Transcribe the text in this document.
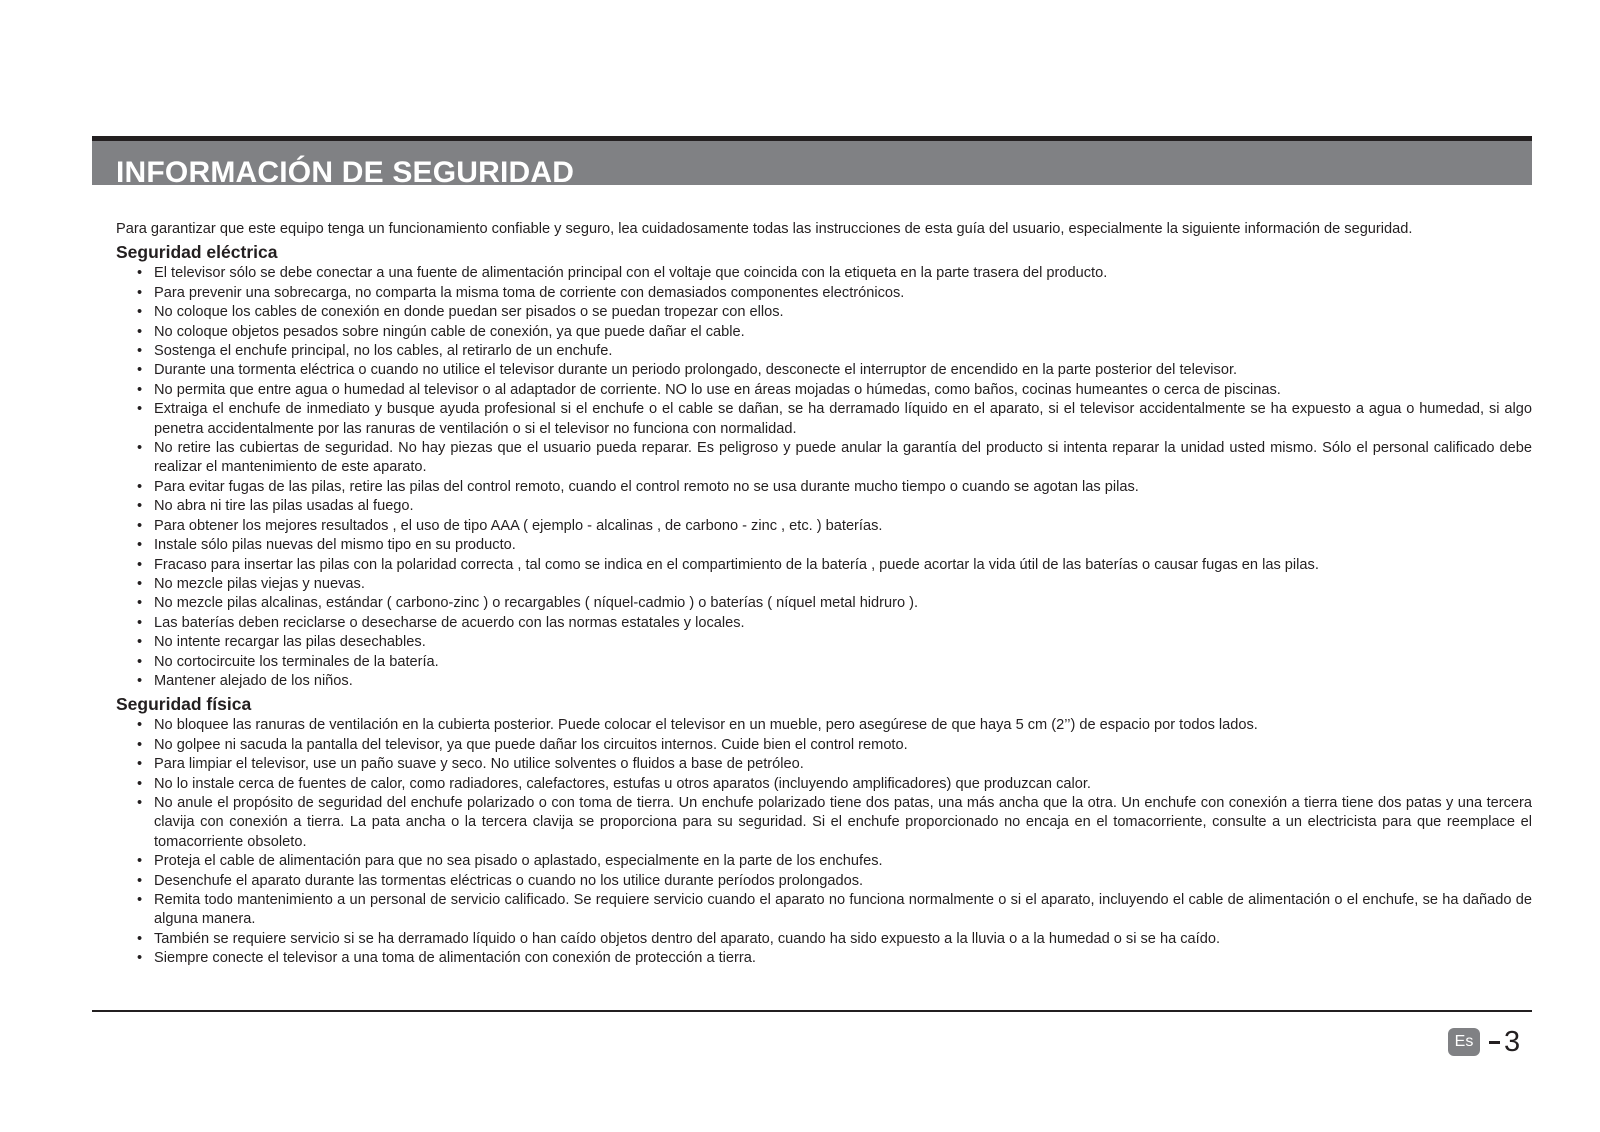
INFORMACIÓN DE SEGURIDAD

Para garantizar que este equipo tenga un funcionamiento confiable y seguro, lea cuidadosamente todas las instrucciones de esta guía del usuario, especialmente la siguiente información de seguridad.

Seguridad eléctrica
• El televisor sólo se debe conectar a una fuente de alimentación principal con el voltaje que coincida con la etiqueta en la parte trasera del producto.
• Para prevenir una sobrecarga, no comparta la misma toma de corriente con demasiados componentes electrónicos.
• No coloque los cables de conexión en donde puedan ser pisados o se puedan tropezar con ellos.
• No coloque objetos pesados sobre ningún cable de conexión, ya que puede dañar el cable.
• Sostenga el enchufe principal, no los cables, al retirarlo de un enchufe.
• Durante una tormenta eléctrica o cuando no utilice el televisor durante un periodo prolongado, desconecte el interruptor de encendido en la parte posterior del televisor.
• No permita que entre agua o humedad al televisor o al adaptador de corriente. NO lo use en áreas mojadas o húmedas, como baños, cocinas humeantes o cerca de piscinas.
• Extraiga el enchufe de inmediato y busque ayuda profesional si el enchufe o el cable se dañan, se ha derramado líquido en el aparato, si el televisor accidentalmente se ha expuesto a agua o humedad, si algo penetra accidentalmente por las ranuras de ventilación o si el televisor no funciona con normalidad.
• No retire las cubiertas de seguridad. No hay piezas que el usuario pueda reparar. Es peligroso y puede anular la garantía del producto si intenta reparar la unidad usted mismo. Sólo el personal calificado debe realizar el mantenimiento de este aparato.
• Para evitar fugas de las pilas, retire las pilas del control remoto, cuando el control remoto no se usa durante mucho tiempo o cuando se agotan las pilas.
• No abra ni tire las pilas usadas al fuego.
• Para obtener los mejores resultados , el uso de tipo AAA ( ejemplo - alcalinas , de carbono - zinc , etc. ) baterías.
• Instale sólo pilas nuevas del mismo tipo en su producto.
• Fracaso para insertar las pilas con la polaridad correcta , tal como se indica en el compartimiento de la batería , puede acortar la vida útil de las baterías o causar fugas en las pilas.
• No mezcle pilas viejas y nuevas.
• No mezcle pilas alcalinas, estándar ( carbono-zinc ) o recargables ( níquel-cadmio ) o baterías ( níquel metal hidruro ).
• Las baterías deben reciclarse o desecharse de acuerdo con las normas estatales y locales.
• No intente recargar las pilas desechables.
• No cortocircuite los terminales de la batería.
• Mantener alejado de los niños.
Seguridad física
• No bloquee las ranuras de ventilación en la cubierta posterior. Puede colocar el televisor en un mueble, pero asegúrese de que haya 5 cm (2’’) de espacio por todos lados.
• No golpee ni sacuda la pantalla del televisor, ya que puede dañar los circuitos internos. Cuide bien el control remoto.
• Para limpiar el televisor, use un paño suave y seco. No utilice solventes o fluidos a base de petróleo.
• No lo instale cerca de fuentes de calor, como radiadores, calefactores, estufas u otros aparatos (incluyendo amplificadores) que produzcan calor.
• No anule el propósito de seguridad del enchufe polarizado o con toma de tierra. Un enchufe polarizado tiene dos patas, una más ancha que la otra. Un enchufe con conexión a tierra tiene dos patas y una tercera clavija con conexión a tierra. La pata ancha o la tercera clavija se proporciona para su seguridad. Si el enchufe proporcionado no encaja en el tomacorriente, consulte a un electricista para que reemplace el tomacorriente obsoleto.
• Proteja el cable de alimentación para que no sea pisado o aplastado, especialmente en la parte de los enchufes.
• Desenchufe el aparato durante las tormentas eléctricas o cuando no los utilice durante períodos prolongados.
• Remita todo mantenimiento a un personal de servicio calificado. Se requiere servicio cuando el aparato no funciona normalmente o si el aparato, incluyendo el cable de alimentación o el enchufe, se ha dañado de alguna manera.
• También se requiere servicio si se ha derramado líquido o han caído objetos dentro del aparato, cuando ha sido expuesto a la lluvia o a la humedad o si se ha caído.
• Siempre conecte el televisor a una toma de alimentación con conexión de protección a tierra.
Es 3
